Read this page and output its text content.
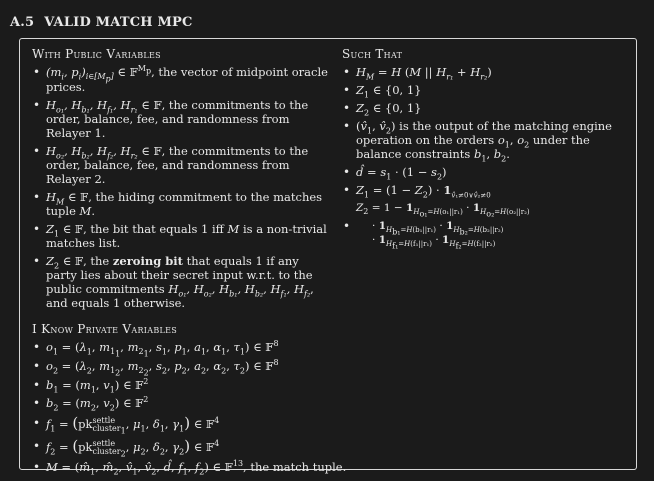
A.5 VALID MATCH MPC
With Public Variables
• ($m_i$, $p_i)_{i\in[M_p]}$ ∈ 𝔽$^{M_p}$, the vector of midpoint oracle prices.
• $H_{o_1}$, $H_{b_1}$, $H_{f_1}$, $H_{r_1}$ ∈ 𝔽, the commitments to the order, balance, fee, and randomness from Relayer 1.
• $H_{o_2}$, $H_{b_2}$, $H_{f_2}$, $H_{r_2}$ ∈ 𝔽, the commitments to the order, balance, fee, and randomness from Relayer 2.
• $H_M$ ∈ 𝔽, the hiding commitment to the matches tuple M.
• $Z_1$ ∈ 𝔽, the bit that equals 1 iff M is a non-trivial matches list.
• $Z_2$ ∈ 𝔽, the zeroing bit that equals 1 if any party lies about their secret input w.r.t. to the public commitments $H_{o_1}$, $H_{o_2}$, $H_{b_1}$, $H_{b_2}$, $H_{f_1}$, $H_{f_2}$, and equals 1 otherwise.
I Know Private Variables
• $o_1 = (\lambda_1$, $m_{1_1}$, $m_{2_1}$, $s_1$, $p_1$, $a_1$, $\alpha_1$, $\tau_1$) ∈ 𝔽$^8$
• $o_2 = (\lambda_2$, $m_{1_2}$, $m_{2_2}$, $s_2$, $p_2$, $a_2$, $\alpha_2$, $\tau_2$) ∈ 𝔽$^8$
• $b_1 = (m_1$, $v_1$) ∈ 𝔽$^2$
• $b_2 = (m_2$, $v_2$) ∈ 𝔽$^2$
• $f_1$ = (pksettle
cluster$_1$, $\mu_1$, $\delta_1$, $\gamma_1$) ∈ 𝔽$^4$
• $f_2$ = (pksettle
cluster$_2$, $\mu_2$, $\delta_2$, $\gamma_2$) ∈ 𝔽$^4$
• $M = (m̂_1$, $m̂_2$, $v̂_1$, $v̂_2$, d̂, $f_1$, $f_2$) ∈ 𝔽$^{13}$, the match tuple.
Such That
• $H_M = H$ (M || $H_{r_1} + H_{r_2}$)
• $Z_1$ ∈ {0, 1}
• $Z_2$ ∈ {0, 1}
• ($v̂_1$, $v̂_2$) is the output of the matching engine operation on the orders $o_1$, $o_2$ under the balance constraints $b_1$, $b_2$.
• d̂ = $s_1 \cdot (1 - s_2)$
• $Z_1 = (1 - Z_2) \cdot 1_{v̂_1\ne 0\vee v̂_2\ne 0}$
$Z_2 = 1 - 1_{H_{o_1}=H(o_1||r_1)} \cdot 1_{H_{o_2}=H(o_2||r_2)}$
• · $1_{H_{b_1}=H(b_1||r_1)} \cdot 1_{H_{b_2}=H(b_2||r_2)}$
· $1_{H_{f_1}=H(f_1||r_1)} \cdot 1_{H_{f_2}=H(f_2||r_2)}$
